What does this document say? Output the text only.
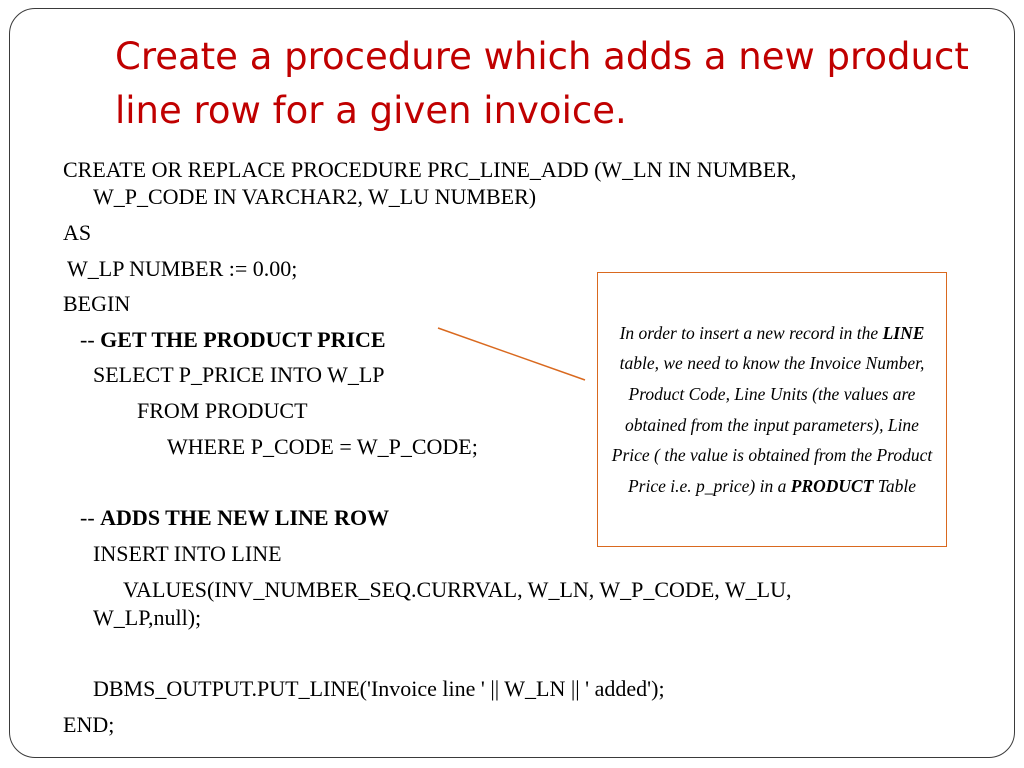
Create a procedure which adds a new product line row for a given invoice.
CREATE OR REPLACE PROCEDURE PRC_LINE_ADD (W_LN IN NUMBER,
W_P_CODE IN VARCHAR2, W_LU NUMBER)
AS
W_LP NUMBER := 0.00;
BEGIN
-- GET THE PRODUCT PRICE
SELECT P_PRICE INTO W_LP
FROM PRODUCT
WHERE P_CODE = W_P_CODE;
-- ADDS THE NEW LINE ROW
INSERT INTO LINE
VALUES(INV_NUMBER_SEQ.CURRVAL, W_LN, W_P_CODE, W_LU,
W_LP,null);
DBMS_OUTPUT.PUT_LINE('Invoice line ' || W_LN || ' added');
END;

In order to insert a new record in the LINE table, we need to know the Invoice Number, Product Code, Line Units (the values are obtained from the input parameters), Line Price ( the value is obtained from the Product Price i.e. p_price) in a PRODUCT Table
